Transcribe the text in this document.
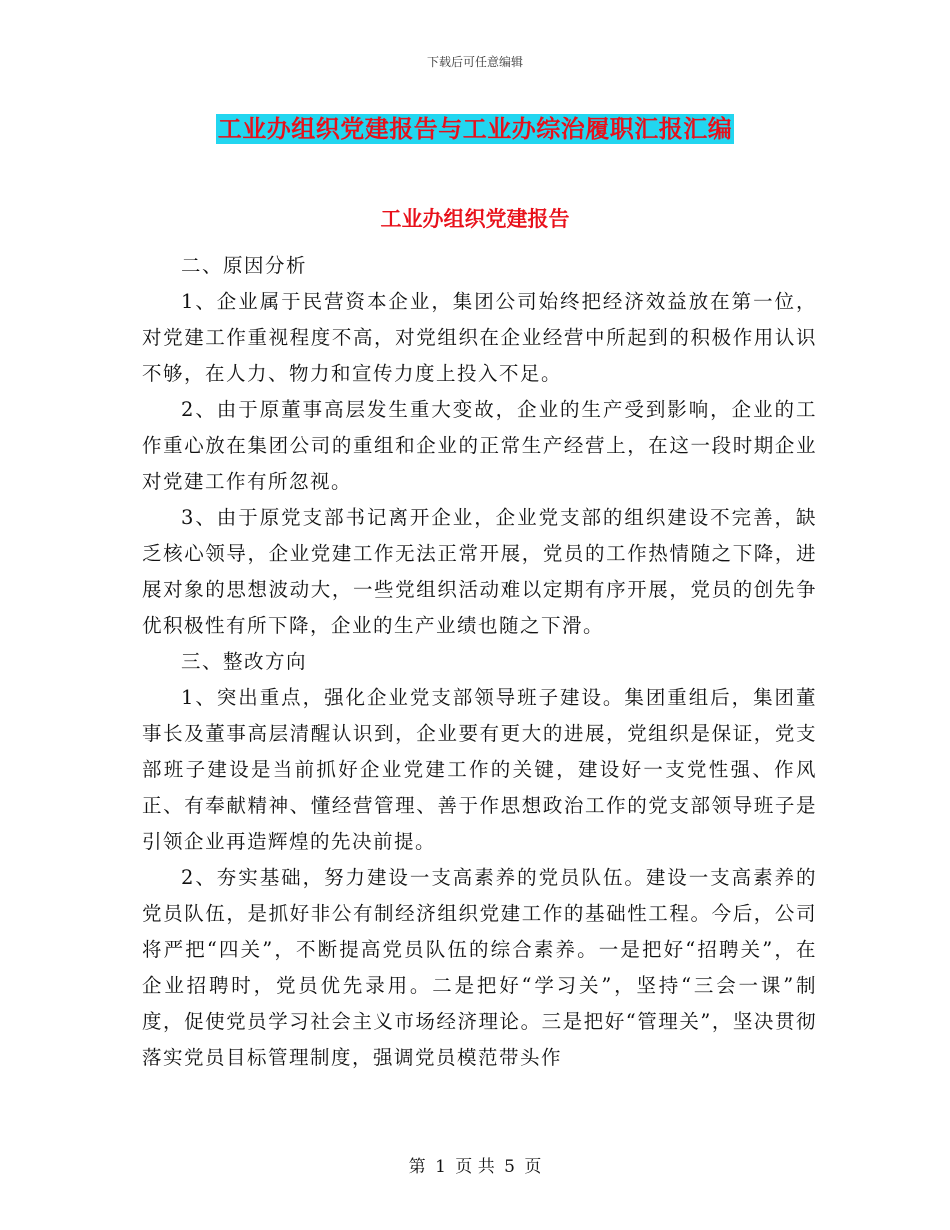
下载后可任意编辑
工业办组织党建报告与工业办综治履职汇报汇编
工业办组织党建报告

二、原因分析

1、企业属于民营资本企业，集团公司始终把经济效益放在第一位，对党建工作重视程度不高，对党组织在企业经营中所起到的积极作用认识不够，在人力、物力和宣传力度上投入不足。

2、由于原董事高层发生重大变故，企业的生产受到影响，企业的工作重心放在集团公司的重组和企业的正常生产经营上，在这一段时期企业对党建工作有所忽视。

3、由于原党支部书记离开企业，企业党支部的组织建设不完善，缺乏核心领导，企业党建工作无法正常开展，党员的工作热情随之下降，进展对象的思想波动大，一些党组织活动难以定期有序开展，党员的创先争优积极性有所下降，企业的生产业绩也随之下滑。

三、整改方向

1、突出重点，强化企业党支部领导班子建设。集团重组后，集团董事长及董事高层清醒认识到，企业要有更大的进展，党组织是保证，党支部班子建设是当前抓好企业党建工作的关键，建设好一支党性强、作风正、有奉献精神、懂经营管理、善于作思想政治工作的党支部领导班子是引领企业再造辉煌的先决前提。

2、夯实基础，努力建设一支高素养的党员队伍。建设一支高素养的党员队伍，是抓好非公有制经济组织党建工作的基础性工程。今后，公司将严把“四关”，不断提高党员队伍的综合素养。一是把好“招聘关”，在企业招聘时，党员优先录用。二是把好“学习关”，坚持“三会一课”制度，促使党员学习社会主义市场经济理论。三是把好“管理关”，坚决贯彻落实党员目标管理制度，强调党员模范带头作

第 1 页 共 5 页
